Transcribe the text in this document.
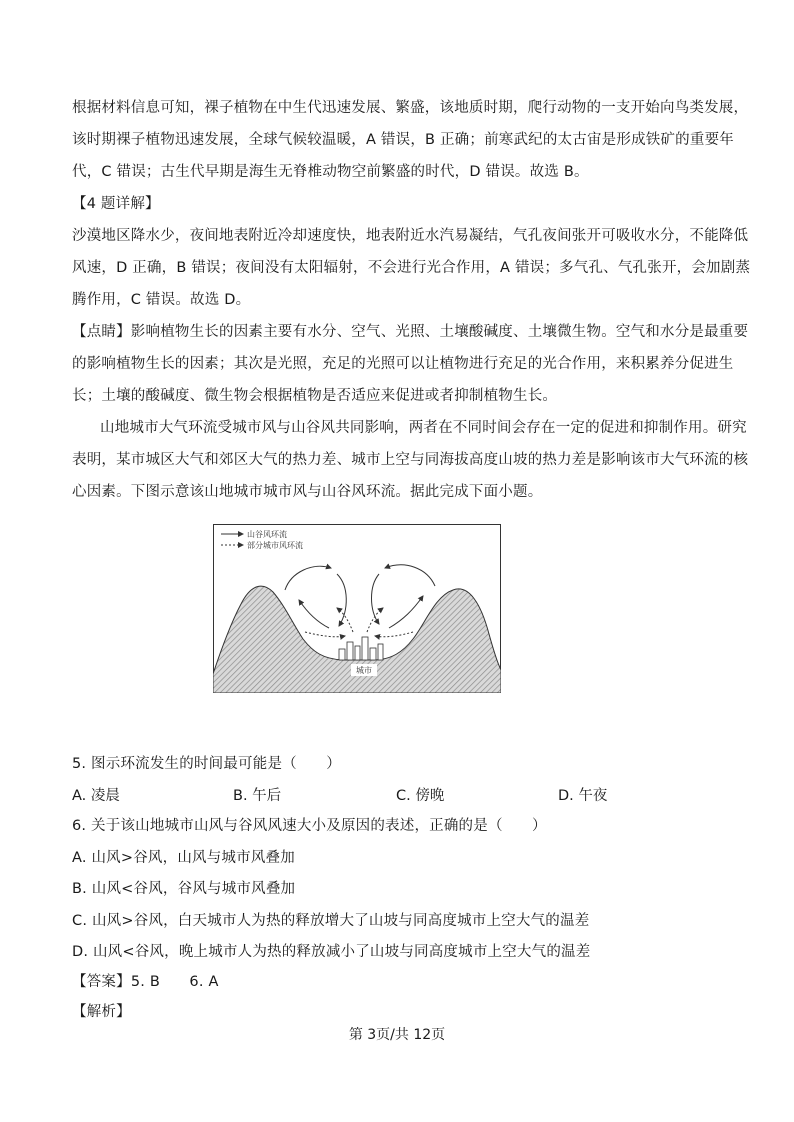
根据材料信息可知，裸子植物在中生代迅速发展、繁盛，该地质时期，爬行动物的一支开始向鸟类发展，
该时期裸子植物迅速发展，全球气候较温暖，A 错误，B 正确；前寒武纪的太古宙是形成铁矿的重要年
代，C 错误；古生代早期是海生无脊椎动物空前繁盛的时代，D 错误。故选 B。
【4 题详解】
沙漠地区降水少，夜间地表附近冷却速度快，地表附近水汽易凝结，气孔夜间张开可吸收水分，不能降低
风速，D 正确，B 错误；夜间没有太阳辐射，不会进行光合作用，A 错误；多气孔、气孔张开，会加剧蒸
腾作用，C 错误。故选 D。
【点睛】影响植物生长的因素主要有水分、空气、光照、土壤酸碱度、土壤微生物。空气和水分是最重要
的影响植物生长的因素；其次是光照，充足的光照可以让植物进行充足的光合作用，来积累养分促进生
长；土壤的酸碱度、微生物会根据植物是否适应来促进或者抑制植物生长。
山地城市大气环流受城市风与山谷风共同影响，两者在不同时间会存在一定的促进和抑制作用。研究
表明，某市城区大气和郊区大气的热力差、城市上空与同海拔高度山坡的热力差是影响该市大气环流的核
心因素。下图示意该山地城市城市风与山谷风环流。据此完成下面小题。
山谷风环流
部分城市风环流
城市
5. 图示环流发生的时间最可能是（　　）
A. 凌晨	B. 午后	C. 傍晚	D. 午夜
6. 关于该山地城市山风与谷风风速大小及原因的表述，正确的是（　　）
A. 山风>谷风，山风与城市风叠加
B. 山风<谷风，谷风与城市风叠加
C. 山风>谷风，白天城市人为热的释放增大了山坡与同高度城市上空大气的温差
D. 山风<谷风，晚上城市人为热的释放减小了山坡与同高度城市上空大气的温差
【答案】5. B　　6. A
【解析】
第 3页/共 12页
